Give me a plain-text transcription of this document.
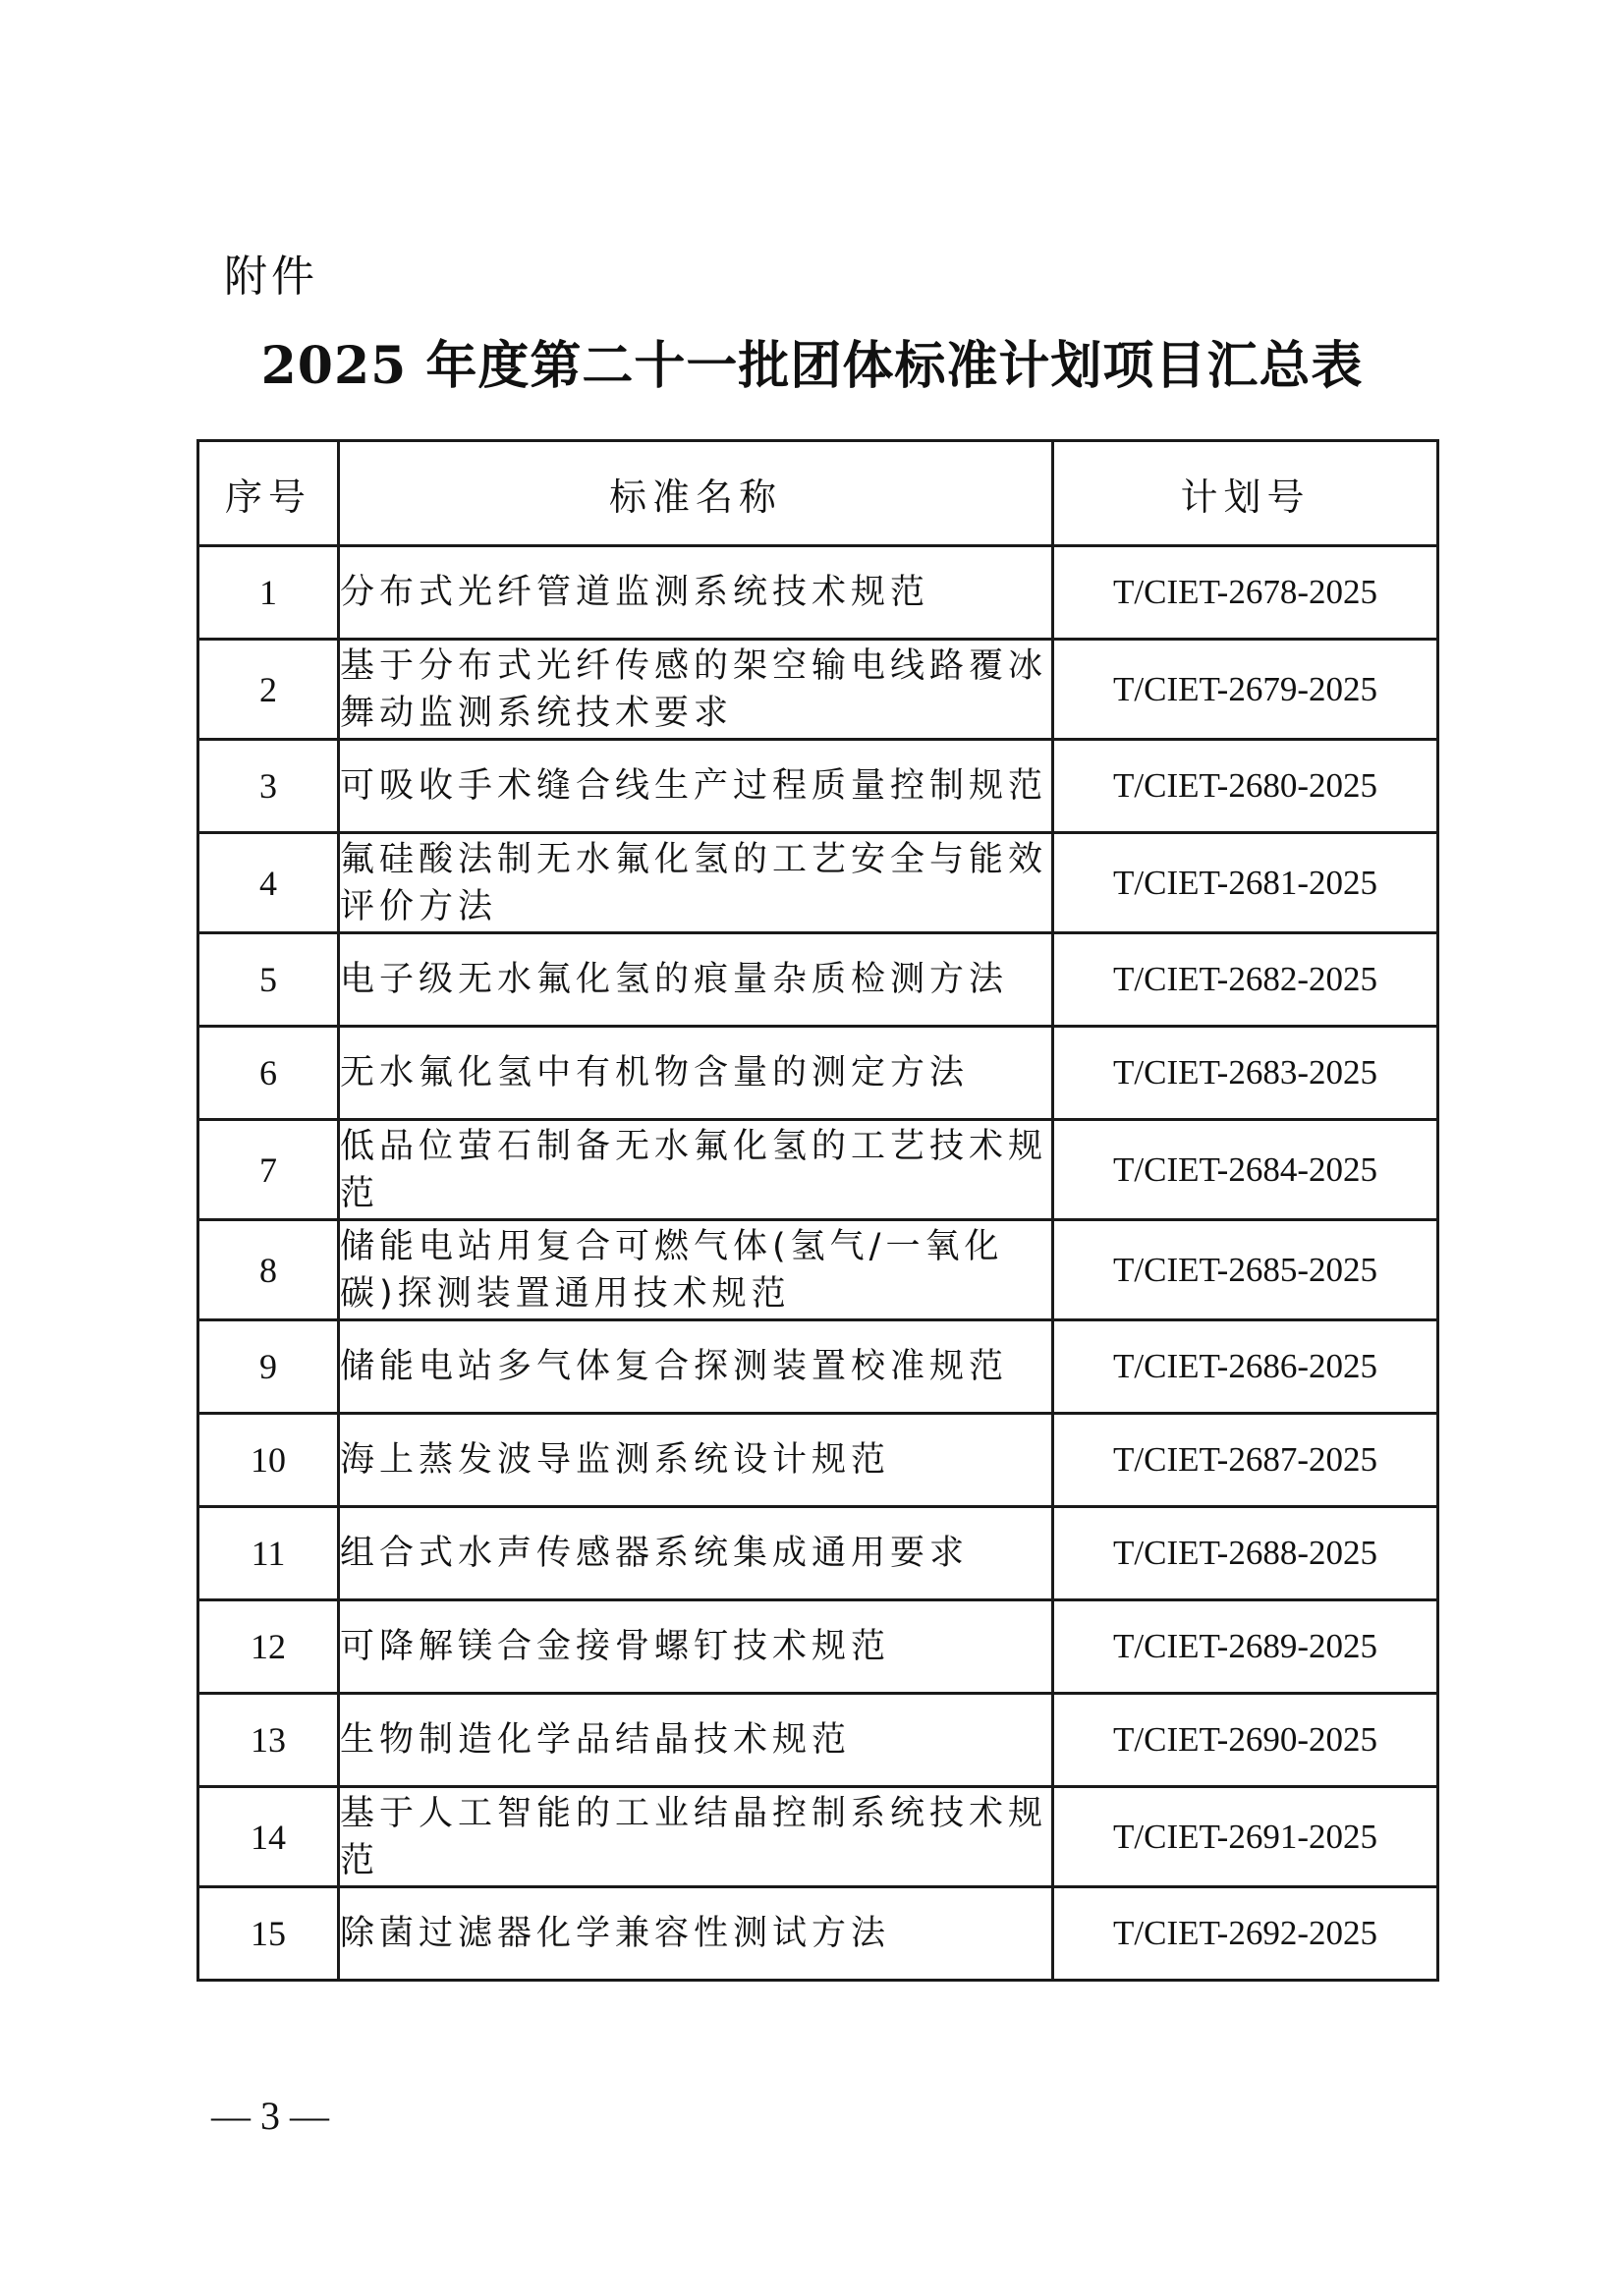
附件
2025 年度第二十一批团体标准计划项目汇总表
序号	标准名称	计划号
1	分布式光纤管道监测系统技术规范	T/CIET-2678-2025
2	基于分布式光纤传感的架空输电线路覆冰舞动监测系统技术要求	T/CIET-2679-2025
3	可吸收手术缝合线生产过程质量控制规范	T/CIET-2680-2025
4	氟硅酸法制无水氟化氢的工艺安全与能效评价方法	T/CIET-2681-2025
5	电子级无水氟化氢的痕量杂质检测方法	T/CIET-2682-2025
6	无水氟化氢中有机物含量的测定方法	T/CIET-2683-2025
7	低品位萤石制备无水氟化氢的工艺技术规范	T/CIET-2684-2025
8	储能电站用复合可燃气体(氢气/一氧化碳)探测装置通用技术规范	T/CIET-2685-2025
9	储能电站多气体复合探测装置校准规范	T/CIET-2686-2025
10	海上蒸发波导监测系统设计规范	T/CIET-2687-2025
11	组合式水声传感器系统集成通用要求	T/CIET-2688-2025
12	可降解镁合金接骨螺钉技术规范	T/CIET-2689-2025
13	生物制造化学品结晶技术规范	T/CIET-2690-2025
14	基于人工智能的工业结晶控制系统技术规范	T/CIET-2691-2025
15	除菌过滤器化学兼容性测试方法	T/CIET-2692-2025
— 3 —
